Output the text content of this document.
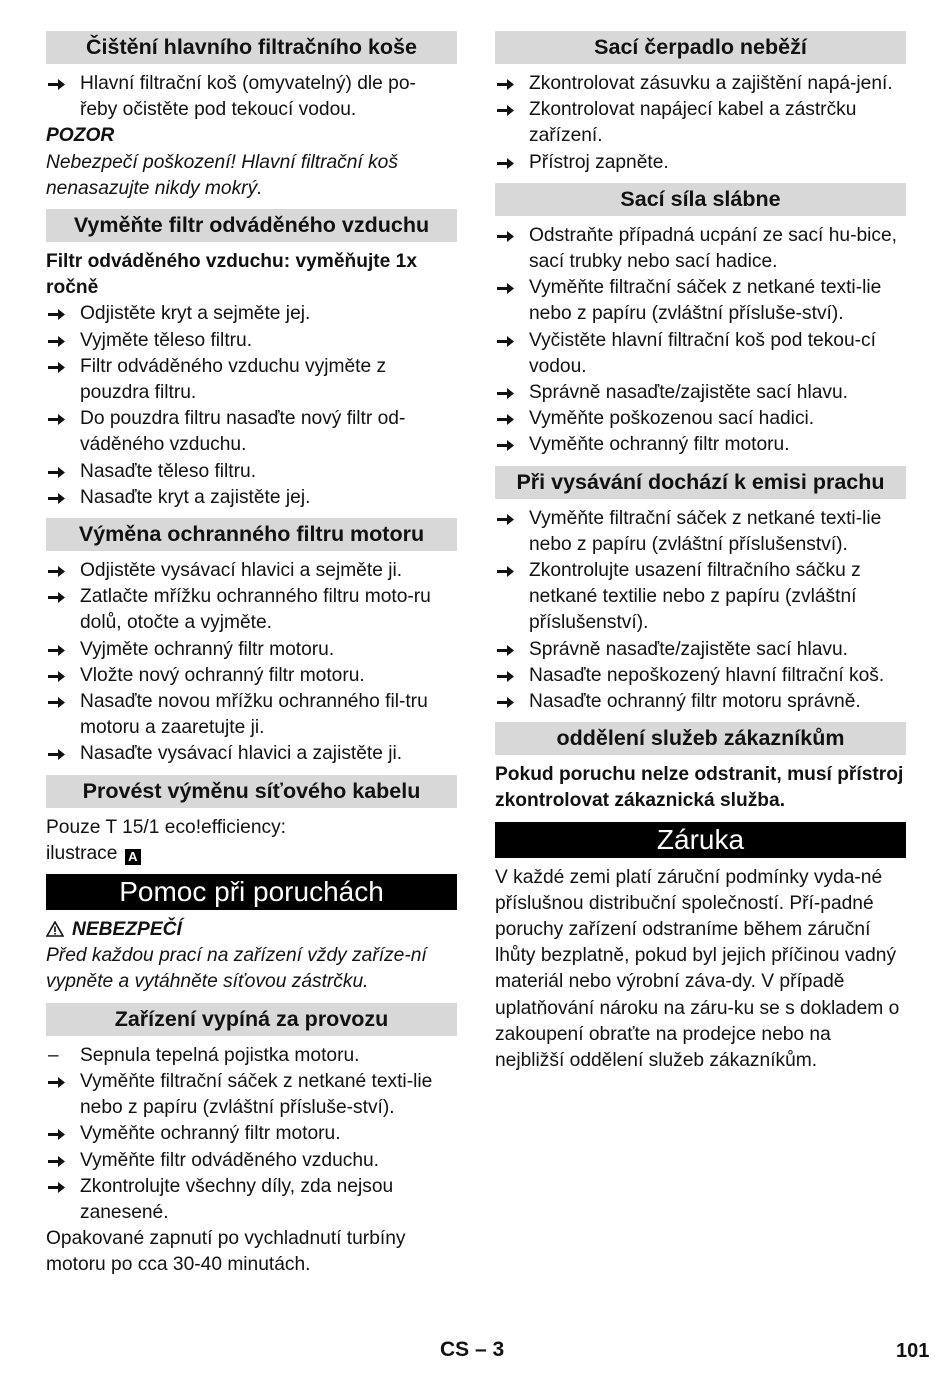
Čištění hlavního filtračního koše
Hlavní filtrační koš (omyvatelný) dle po-
řeby očistěte pod tekoucí vodou.
POZOR
Nebezpečí poškození! Hlavní filtrační koš nenasazujte nikdy mokrý.
Vyměňte filtr odváděného vzduchu
Filtr odváděného vzduchu: vyměňujte 1x ročně
Odjistěte kryt a sejměte jej.
Vyjměte těleso filtru.
Filtr odváděného vzduchu vyjměte z pouzdra filtru.
Do pouzdra filtru nasaďte nový filtr od-váděného vzduchu.
Nasaďte těleso filtru.
Nasaďte kryt a zajistěte jej.
Výměna ochranného filtru motoru
Odjistěte vysávací hlavici a sejměte ji.
Zatlačte mřížku ochranného filtru moto-ru dolů, otočte a vyjměte.
Vyjměte ochranný filtr motoru.
Vložte nový ochranný filtr motoru.
Nasaďte novou mřížku ochranného fil-tru motoru a zaaretujte ji.
Nasaďte vysávací hlavici a zajistěte ji.
Provést výměnu síťového kabelu
Pouze T 15/1 eco!efficiency:
ilustrace A
Pomoc při poruchách
NEBEZPEČÍ
Před každou prací na zařízení vždy zaříze-ní vypněte a vytáhněte síťovou zástrčku.
Zařízení vypíná za provozu
–	Sepnula tepelná pojistka motoru.
Vyměňte filtrační sáček z netkané texti-lie nebo z papíru (zvláštní přísluše-ství).
Vyměňte ochranný filtr motoru.
Vyměňte filtr odváděného vzduchu.
Zkontrolujte všechny díly, zda nejsou zanesené.
Opakované zapnutí po vychladnutí turbíny motoru po cca 30-40 minutách.
Sací čerpadlo neběží
Zkontrolovat zásuvku a zajištění napá-jení.
Zkontrolovat napájecí kabel a zástrčku zařízení.
Přístroj zapněte.
Sací síla slábne
Odstraňte případná ucpání ze sací hu-bice, sací trubky nebo sací hadice.
Vyměňte filtrační sáček z netkané texti-lie nebo z papíru (zvláštní přísluše-ství).
Vyčistěte hlavní filtrační koš pod tekou-cí vodou.
Správně nasaďte/zajistěte sací hlavu.
Vyměňte poškozenou sací hadici.
Vyměňte ochranný filtr motoru.
Při vysávání dochází k emisi prachu
Vyměňte filtrační sáček z netkané texti-lie nebo z papíru (zvláštní příslušenství).
Zkontrolujte usazení filtračního sáčku z netkané textilie nebo z papíru (zvláštní příslušenství).
Správně nasaďte/zajistěte sací hlavu.
Nasaďte nepoškozený hlavní filtrační koš.
Nasaďte ochranný filtr motoru správně.
oddělení služeb zákazníkům
Pokud poruchu nelze odstranit, musí přístroj zkontrolovat zákaznická služba.
Záruka
V každé zemi platí záruční podmínky vyda-né příslušnou distribuční společností. Pří-padné poruchy zařízení odstraníme během záruční lhůty bezplatně, pokud byl jejich příčinou vadný materiál nebo výrobní záva-dy. V případě uplatňování nároku na záru-ku se s dokladem o zakoupení obraťte na prodejce nebo na nejbližší oddělení služeb zákazníkům.
CS – 3	101
